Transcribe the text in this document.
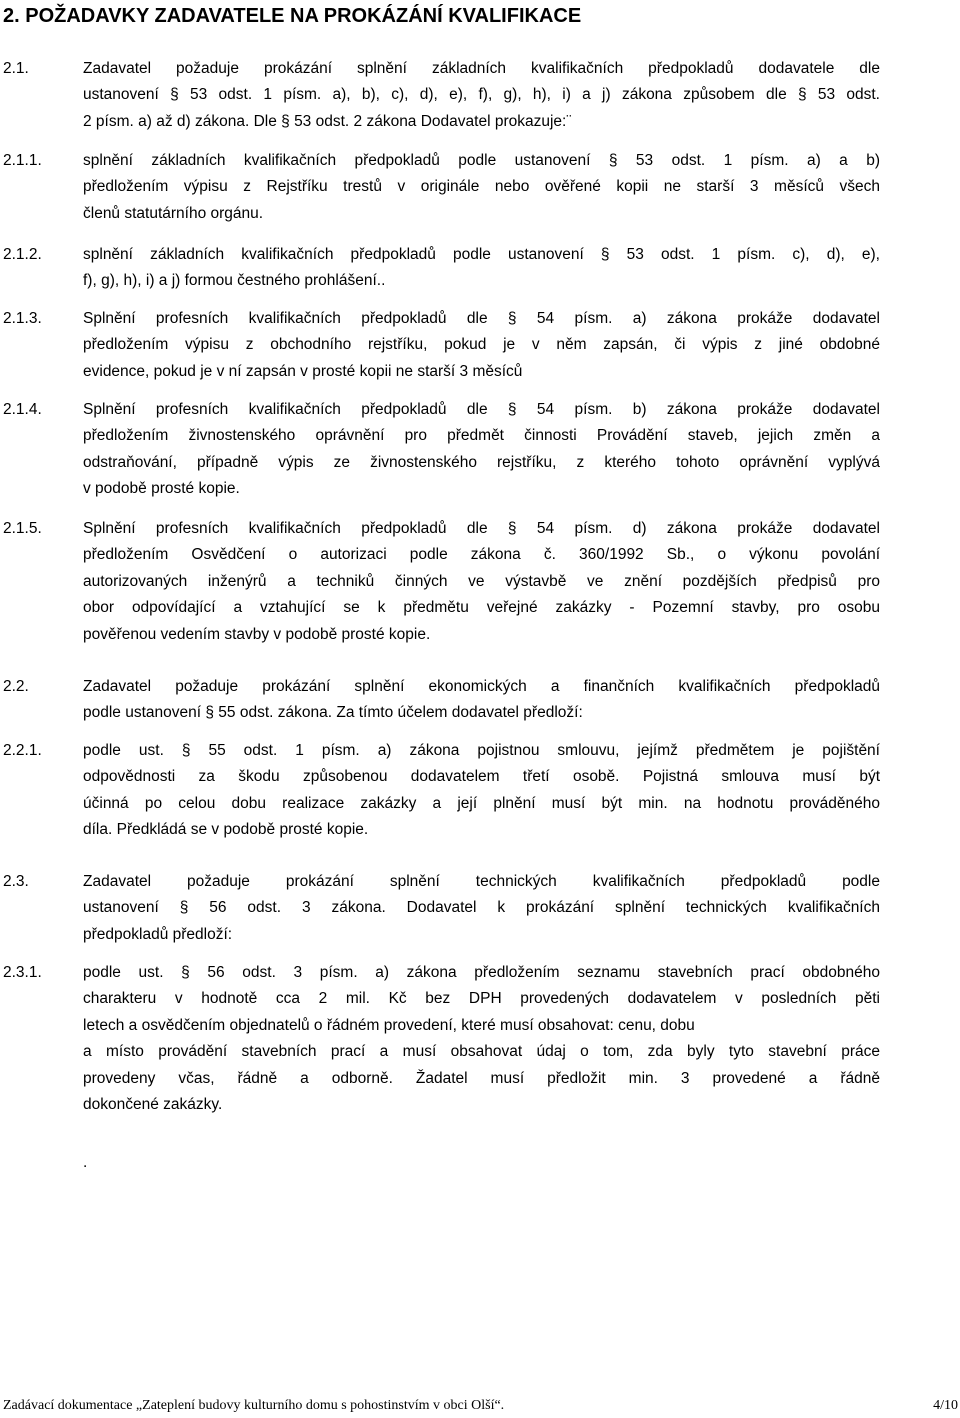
2. POŽADAVKY ZADAVATELE NA PROKÁZÁNÍ KVALIFIKACE
2.1.	Zadavatel požaduje prokázání splnění základních kvalifikačních předpokladů dodavatele dle
ustanovení § 53 odst. 1 písm. a), b), c), d), e), f), g), h), i) a j) zákona způsobem dle § 53 odst.
2 písm. a) až d) zákona. Dle § 53 odst. 2 zákona Dodavatel prokazuje:¨
2.1.1.	splnění základních kvalifikačních předpokladů podle ustanovení § 53 odst. 1 písm. a) a b)
předložením výpisu z Rejstříku trestů v originále nebo ověřené kopii ne starší 3 měsíců všech
členů statutárního orgánu.
2.1.2.	splnění základních kvalifikačních předpokladů podle ustanovení § 53 odst. 1 písm. c), d), e),
f), g), h), i) a j) formou čestného prohlášení..
2.1.3.	Splnění profesních kvalifikačních předpokladů dle § 54 písm. a) zákona prokáže dodavatel
předložením výpisu z obchodního rejstříku, pokud je v něm zapsán, či výpis z jiné obdobné
evidence, pokud je v ní zapsán v prosté kopii ne starší 3 měsíců
2.1.4.	Splnění profesních kvalifikačních předpokladů dle § 54 písm. b) zákona prokáže dodavatel
předložením živnostenského oprávnění pro předmět činnosti Provádění staveb, jejich změn a
odstraňování, případně výpis ze živnostenského rejstříku, z kterého tohoto oprávnění vyplývá
v podobě prosté kopie.
2.1.5.	Splnění profesních kvalifikačních předpokladů dle § 54 písm. d) zákona prokáže dodavatel
předložením Osvědčení o autorizaci podle zákona č. 360/1992 Sb., o výkonu povolání
autorizovaných inženýrů a techniků činných ve výstavbě ve znění pozdějších předpisů pro
obor odpovídající a vztahující se k předmětu veřejné zakázky - Pozemní stavby, pro osobu
pověřenou vedením stavby v podobě prosté kopie.
2.2.	Zadavatel požaduje prokázání splnění ekonomických a finančních kvalifikačních předpokladů
podle ustanovení § 55 odst. zákona. Za tímto účelem dodavatel předloží:
2.2.1.	podle ust. § 55 odst. 1 písm. a) zákona pojistnou smlouvu, jejímž předmětem je pojištění
odpovědnosti za škodu způsobenou dodavatelem třetí osobě. Pojistná smlouva musí být
účinná po celou dobu realizace zakázky a její plnění musí být min. na hodnotu prováděného
díla. Předkládá se v podobě prosté kopie.
2.3.	Zadavatel požaduje prokázání splnění technických kvalifikačních předpokladů podle
ustanovení § 56 odst. 3 zákona. Dodavatel k prokázání splnění technických kvalifikačních
předpokladů předloží:
2.3.1.	podle ust. § 56 odst. 3 písm. a) zákona předložením seznamu stavebních prací obdobného
charakteru v hodnotě cca 2 mil. Kč bez DPH provedených dodavatelem v posledních pěti
letech a osvědčením objednatelů o řádném provedení, které musí obsahovat: cenu, dobu
a místo provádění stavebních prací a musí obsahovat údaj o tom, zda byly tyto stavební práce
provedeny včas, řádně a odborně. Žadatel musí předložit min. 3 provedené a řádně
dokončené zakázky.
.
Zadávací dokumentace „Zateplení budovy kulturního domu s pohostinstvím v obci Olší“.	4/10
